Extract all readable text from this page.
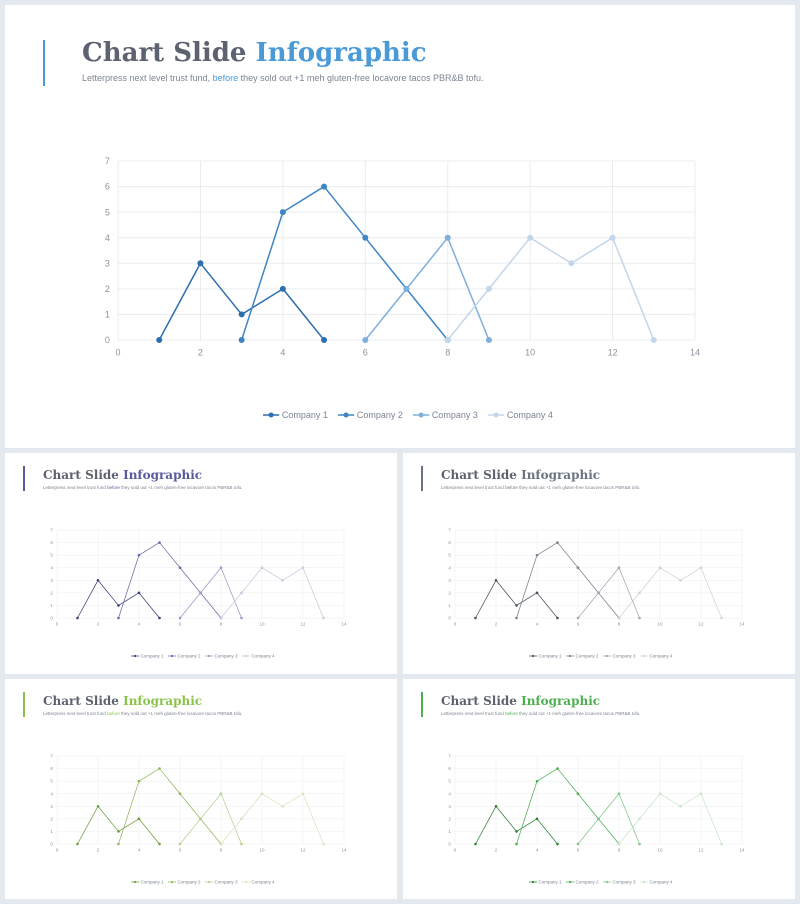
Chart Slide Infographic
Letterpress next level trust fund, before they sold out +1 meh gluten-free locavore tacos PBR&B tofu.
0
1
2
3
4
5
6
7
0	2	4	6	8	10	12	14
Company 1	Company 2	Company 3	Company 4
Chart Slide Infographic
Letterpress next level trust fund before they sold out +1 meh gluten-free locavore tacos PBR&B tofu.
0
1
2
3
4
5
6
7
0	2	4	6	8	10	12	14
Company 1	Company 2	Company 3	Company 4
Chart Slide Infographic
Letterpress next level trust fund before they sold out +1 meh gluten-free locavore tacos PBR&B tofu.
0
1
2
3
4
5
6
7
0	2	4	6	8	10	12	14
Company 1	Company 2	Company 3	Company 4
Chart Slide Infographic
Letterpress next level trust fund before they sold out +1 meh gluten-free locavore tacos PBR&B tofu.
0
1
2
3
4
5
6
7
0	2	4	6	8	10	12	14
Company 1	Company 2	Company 3	Company 4
Chart Slide Infographic
Letterpress next level trust fund before they sold out +1 meh gluten-free locavore tacos PBR&B tofu.
0
1
2
3
4
5
6
7
0	2	4	6	8	10	12	14
Company 1	Company 2	Company 3	Company 4
